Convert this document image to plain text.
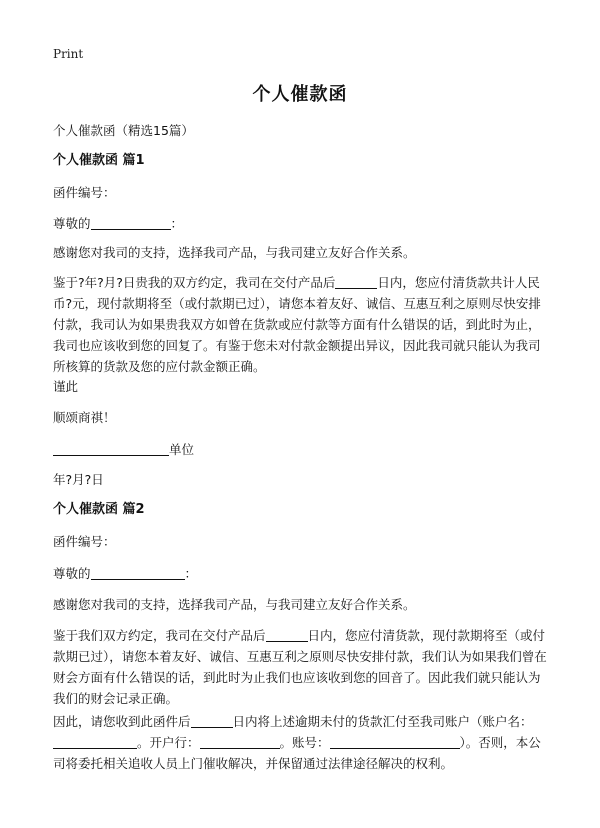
Print
个人催款函
个人催款函（精选15篇）
个人催款函 篇1
函件编号：
尊敬的	：
感谢您对我司的支持，选择我司产品，与我司建立友好合作关系。
鉴于?年?月?日贵我的双方约定，我司在交付产品后	日内，您应付清货款共计人民币?元，现付款期将至（或付款期已过），请您本着友好、诚信、互惠互利之原则尽快安排付款，我司认为如果贵我双方如曾在货款或应付款等方面有什么错误的话，到此时为止，我司也应该收到您的回复了。有鉴于您未对付款金额提出异议，因此我司就只能认为我司所核算的货款及您的应付款金额正确。
谨此
顺颂商祺！
单位
年?月?日
个人催款函 篇2
函件编号：
尊敬的	：
感谢您对我司的支持，选择我司产品，与我司建立友好合作关系。
鉴于我们双方约定，我司在交付产品后	日内，您应付清货款，现付款期将至（或付款期已过），请您本着友好、诚信、互惠互利之原则尽快安排付款，我们认为如果我们曾在财会方面有什么错误的话，到此时为止我们也应该收到您的回音了。因此我们就只能认为我们的财会记录正确。
因此，请您收到此函件后	日内将上述逾期未付的货款汇付至我司账户（账户名：。开户行：	。账号：	）。否则，本公司将委托相关追收人员上门催收解决，并保留通过法律途径解决的权利。
